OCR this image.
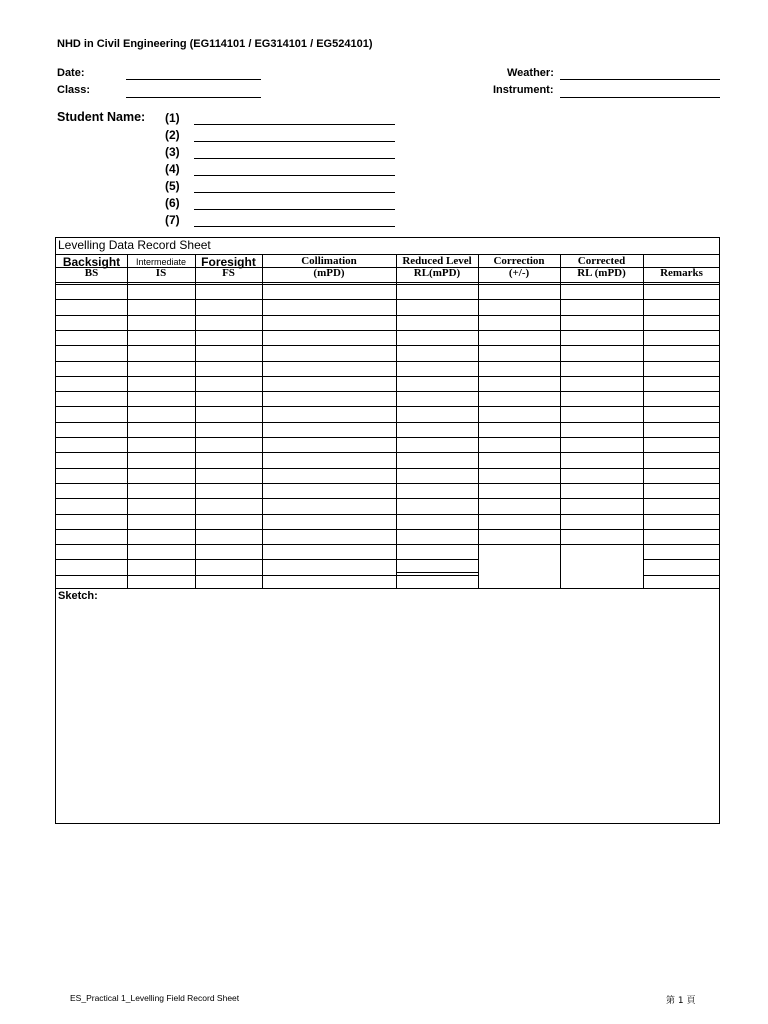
NHD in Civil Engineering (EG114101 / EG314101 / EG524101)
Date:
Class:
Weather:
Instrument:
Student Name: (1)
(2)
(3)
(4)
(5)
(6)
(7)
Levelling Data Record Sheet
Backsight
BS
Intermediate
IS
Foresight
FS
Collimation
(mPD)
Reduced Level
RL(mPD)
Correction
(+/-)
Corrected
RL (mPD)	Remarks
Sketch:
ES_Practical 1_Levelling Field Record Sheet	第 1 頁
